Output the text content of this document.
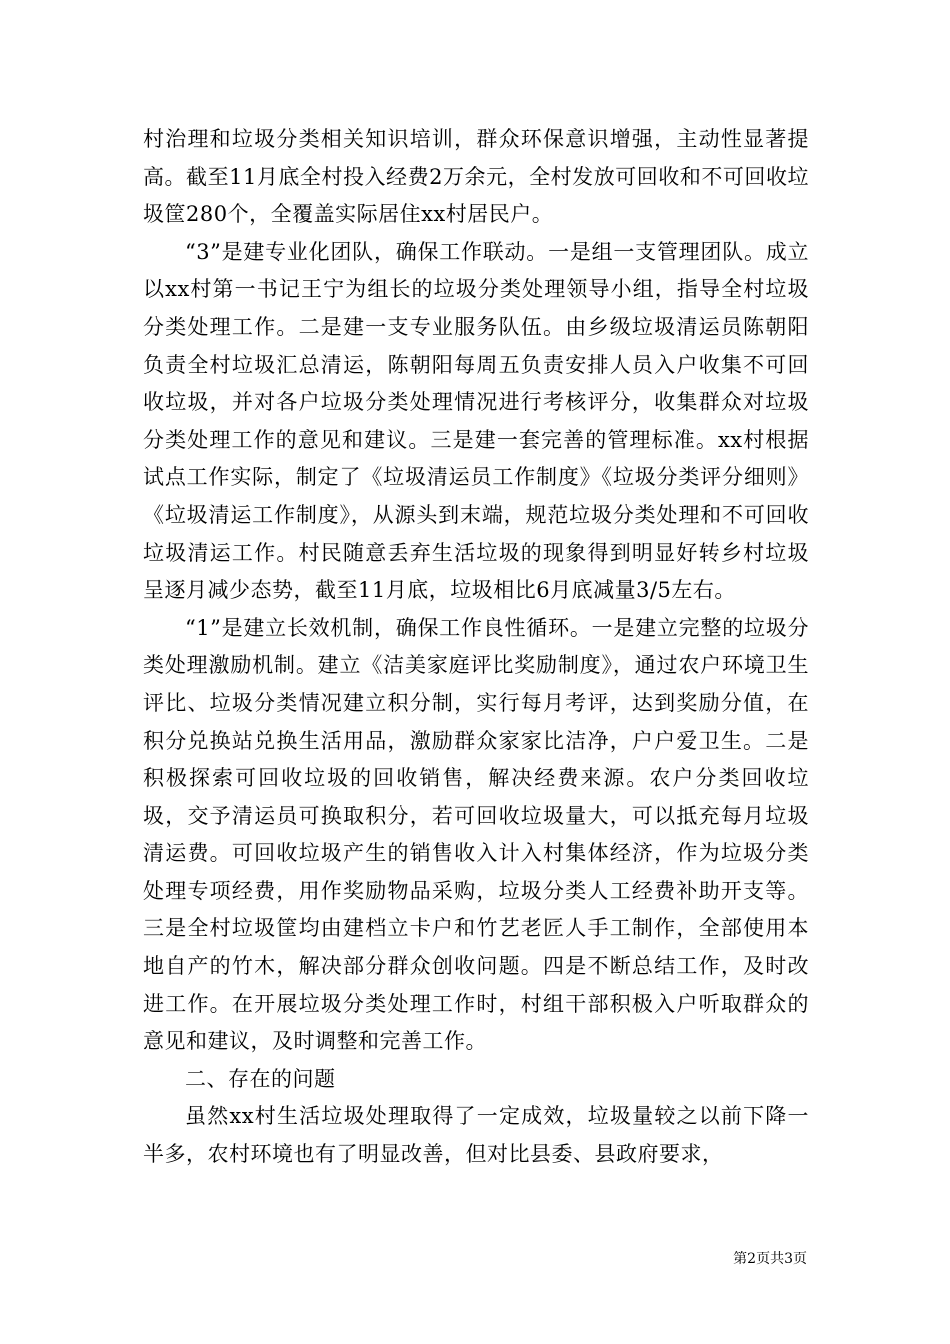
村治理和垃圾分类相关知识培训，群众环保意识增强，主动性显著提高。截至11月底全村投入经费2万余元，全村发放可回收和不可回收垃圾筐280个，全覆盖实际居住xx村居民户。

“3”是建专业化团队，确保工作联动。一是组一支管理团队。成立以xx村第一书记王宁为组长的垃圾分类处理领导小组，指导全村垃圾分类处理工作。二是建一支专业服务队伍。由乡级垃圾清运员陈朝阳负责全村垃圾汇总清运，陈朝阳每周五负责安排人员入户收集不可回收垃圾，并对各户垃圾分类处理情况进行考核评分，收集群众对垃圾分类处理工作的意见和建议。三是建一套完善的管理标准。xx村根据试点工作实际，制定了《垃圾清运员工作制度》《垃圾分类评分细则》《垃圾清运工作制度》，从源头到末端，规范垃圾分类处理和不可回收垃圾清运工作。村民随意丢弃生活垃圾的现象得到明显好转乡村垃圾呈逐月减少态势，截至11月底，垃圾相比6月底减量3/5左右。

“1”是建立长效机制，确保工作良性循环。一是建立完整的垃圾分类处理激励机制。建立《洁美家庭评比奖励制度》，通过农户环境卫生评比、垃圾分类情况建立积分制，实行每月考评，达到奖励分值，在积分兑换站兑换生活用品，激励群众家家比洁净，户户爱卫生。二是积极探索可回收垃圾的回收销售，解决经费来源。农户分类回收垃圾，交予清运员可换取积分，若可回收垃圾量大，可以抵充每月垃圾清运费。可回收垃圾产生的销售收入计入村集体经济，作为垃圾分类处理专项经费，用作奖励物品采购，垃圾分类人工经费补助开支等。三是全村垃圾筐均由建档立卡户和竹艺老匠人手工制作，全部使用本地自产的竹木，解决部分群众创收问题。四是不断总结工作，及时改进工作。在开展垃圾分类处理工作时，村组干部积极入户听取群众的意见和建议，及时调整和完善工作。

二、存在的问题

虽然xx村生活垃圾处理取得了一定成效，垃圾量较之以前下降一半多，农村环境也有了明显改善，但对比县委、县政府要求，

第2页共3页
